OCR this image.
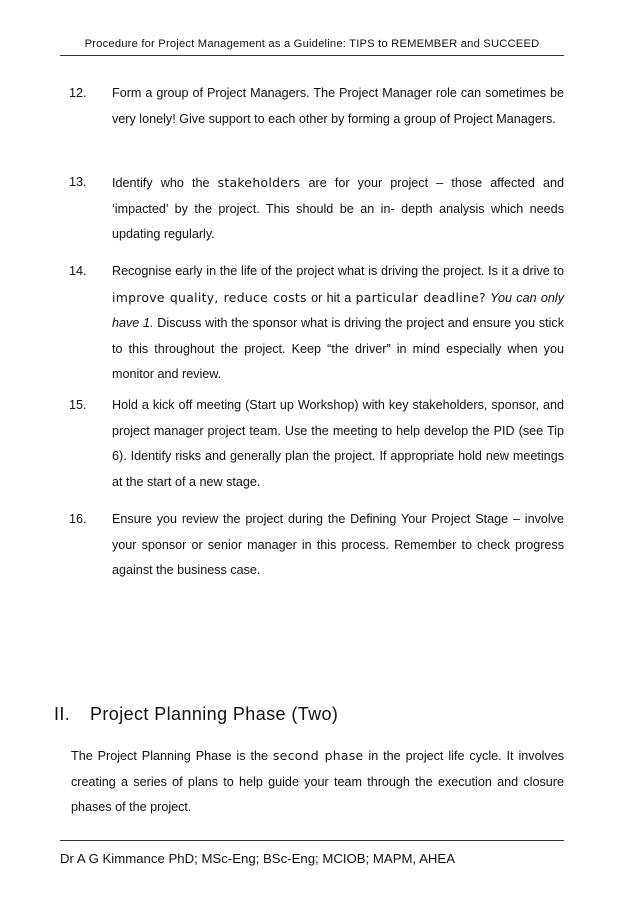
Procedure for Project Management as a Guideline: TIPS to REMEMBER and SUCCEED
12.	Form a group of Project Managers. The Project Manager role can sometimes be very lonely! Give support to each other by forming a group of Project Managers.
13.	Identify who the stakeholders are for your project – those affected and ‘impacted’ by the project. This should be an in- depth analysis which needs updating regularly.
14.	Recognise early in the life of the project what is driving the project. Is it a drive to improve quality, reduce costs or hit a particular deadline? You can only have 1. Discuss with the sponsor what is driving the project and ensure you stick to this throughout the project. Keep “the driver” in mind especially when you monitor and review.
15.	Hold a kick off meeting (Start up Workshop) with key stakeholders, sponsor, and project manager project team. Use the meeting to help develop the PID (see Tip 6). Identify risks and generally plan the project. If appropriate hold new meetings at the start of a new stage.
16.	Ensure you review the project during the Defining Your Project Stage – involve your sponsor or senior manager in this process. Remember to check progress against the business case.
II. Project Planning Phase (Two)
The Project Planning Phase is the second phase in the project life cycle. It involves creating a series of plans to help guide your team through the execution and closure phases of the project.
Dr A G Kimmance PhD; MSc-Eng; BSc-Eng; MCIOB; MAPM, AHEA
